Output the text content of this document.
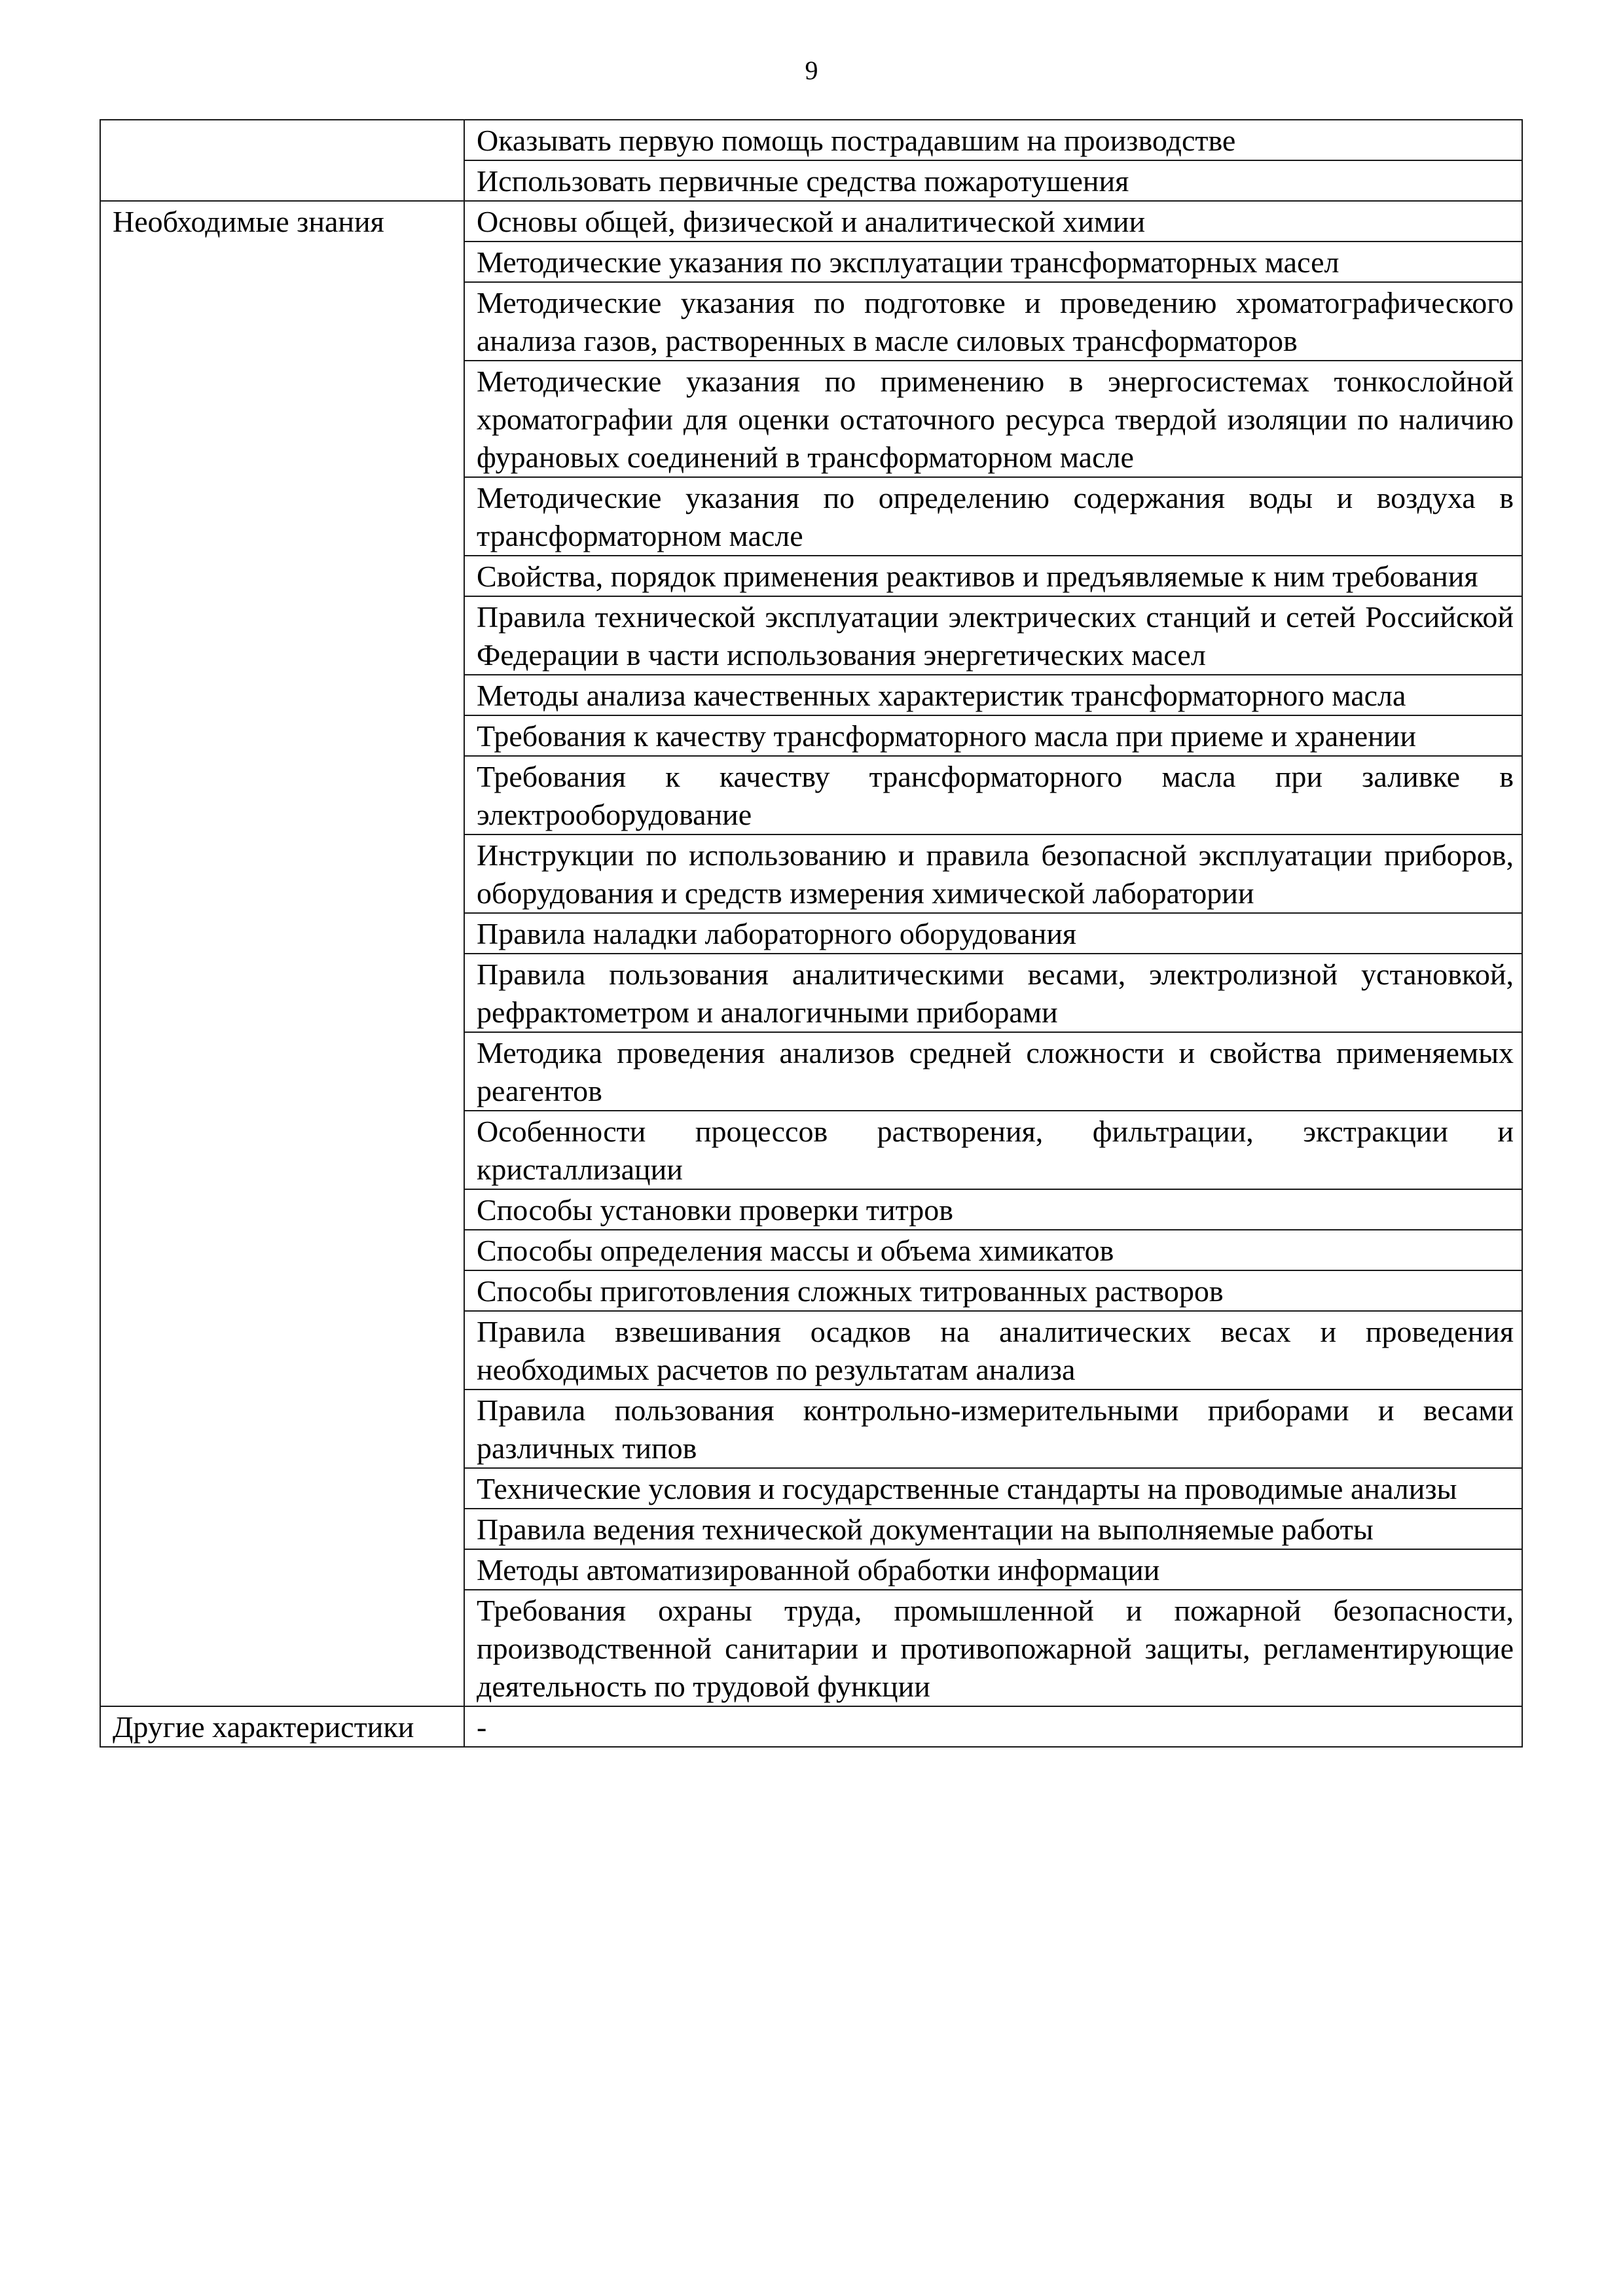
9
	Оказывать первую помощь пострадавшим на производстве
	Использовать первичные средства пожаротушения
Необходимые знания	Основы общей, физической и аналитической химии
	Методические указания по эксплуатации трансформаторных масел
	Методические указания по подготовке и проведению хроматографического анализа газов, растворенных в масле силовых трансформаторов
	Методические указания по применению в энергосистемах тонкослойной хроматографии для оценки остаточного ресурса твердой изоляции по наличию фурановых соединений в трансформаторном масле
	Методические указания по определению содержания воды и воздуха в трансформаторном масле
	Свойства, порядок применения реактивов и предъявляемые к ним требования
	Правила технической эксплуатации электрических станций и сетей Российской Федерации в части использования энергетических масел
	Методы анализа качественных характеристик трансформаторного масла
	Требования к качеству трансформаторного масла при приеме и хранении
	Требования к качеству трансформаторного масла при заливке в электрооборудование
	Инструкции по использованию и правила безопасной эксплуатации приборов, оборудования и средств измерения химической лаборатории
	Правила наладки лабораторного оборудования
	Правила пользования аналитическими весами, электролизной установкой, рефрактометром и аналогичными приборами
	Методика проведения анализов средней сложности и свойства применяемых реагентов
	Особенности процессов растворения, фильтрации, экстракции и кристаллизации
	Способы установки проверки титров
	Способы определения массы и объема химикатов
	Способы приготовления сложных титрованных растворов
	Правила взвешивания осадков на аналитических весах и проведения необходимых расчетов по результатам анализа
	Правила пользования контрольно-измерительными приборами и весами различных типов
	Технические условия и государственные стандарты на проводимые анализы
	Правила ведения технической документации на выполняемые работы
	Методы автоматизированной обработки информации
	Требования охраны труда, промышленной и пожарной безопасности, производственной санитарии и противопожарной защиты, регламентирующие деятельность по трудовой функции
Другие характеристики	-
